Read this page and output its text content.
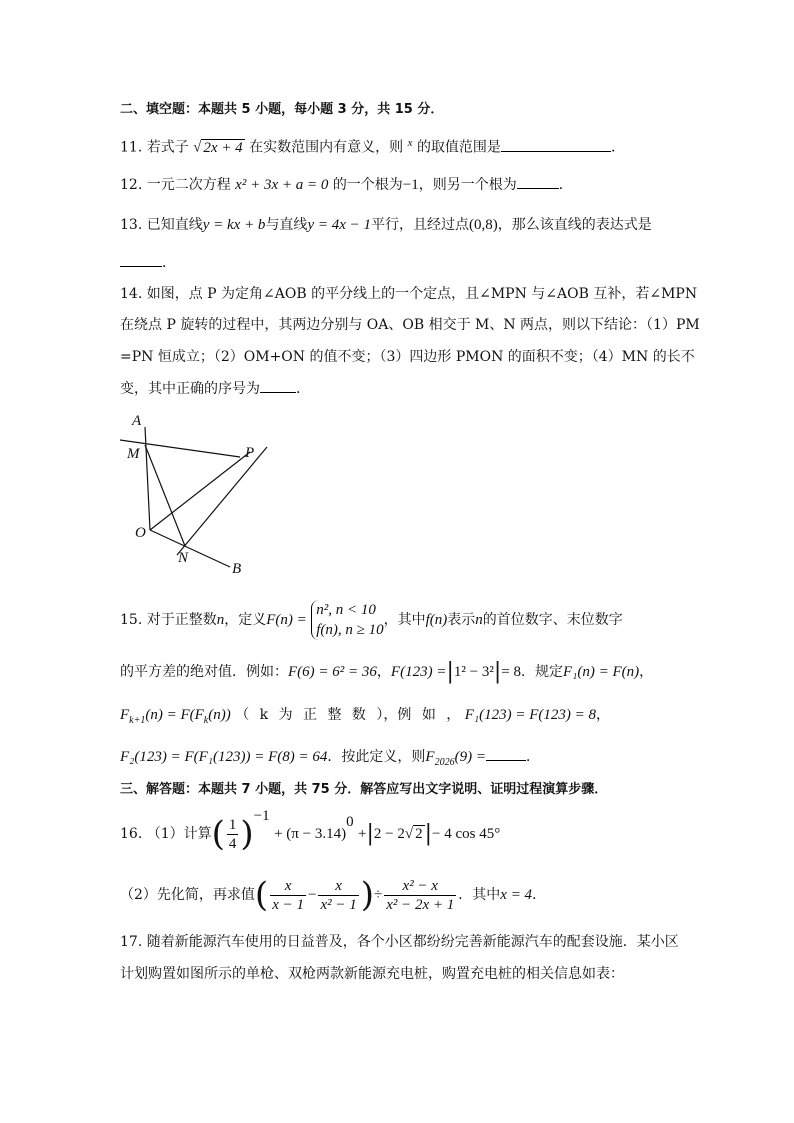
二、填空题：本题共 5 小题，每小题 3 分，共 15 分．
11. 若式子 √ 2x + 4 在实数范围内有意义，则 $^x$ 的取值范围是	．
12. 一元二次方程 x² + 3x + a = 0 的一个根为−1，则另一个根为	．
13. 已知直线y = kx + b与直线y = 4x − 1平行，且经过点(0,8)，那么该直线的表达式是
．
14. 如图，点 P 为定角∠AOB 的平分线上的一个定点，且∠MPN 与∠AOB 互补，若∠MPN
在绕点 P 旋转的过程中，其两边分别与 OA、OB 相交于 M、N 两点，则以下结论：（1）PM
=PN 恒成立；（2）OM+ON 的值不变；（3）四边形 PMON 的面积不变；（4）MN 的长不
变，其中正确的序号为	．
A
M	P
O
N
B
15. 对于正整数n，定义F(n) =
n², n < 10
f(n), n ≥ 10
，其中f(n)表示n的首位数字、末位数字
的平方差的绝对值．例如：F(6) = 6² = 36，F(123) =|1² − 3²|= 8．规定F₁(n) = F(n)，
$F_{k+1}(n) = F(F_k(n))$ （ k 为 正 整 数 ），例 如 ， F₁(123) = F(123) = 8，
F₂(123) = F(F₁(123)) = F(8) = 64．按此定义，则$F_{2026}(9)$ =	．
三、解答题：本题共 7 小题，共 75 分．解答应写出文字说明、证明过程演算步骤．
16. （1）计算( $\frac{1}{4} )^{-1} + (\pi - 3.14)^0 +|2 - 2√$ 2|− 4 cos 45°
（2）先化简，再求值( $\frac{x}{x - 1} - \frac{x}{\text{x² − 1}}$ )÷ $\frac{\text{x² − x}}{\text{x² − 2x + 1}}$ ．其中x = 4．
17. 随着新能源汽车使用的日益普及，各个小区都纷纷完善新能源汽车的配套设施．某小区
计划购置如图所示的单枪、双枪两款新能源充电桩，购置充电桩的相关信息如表：
